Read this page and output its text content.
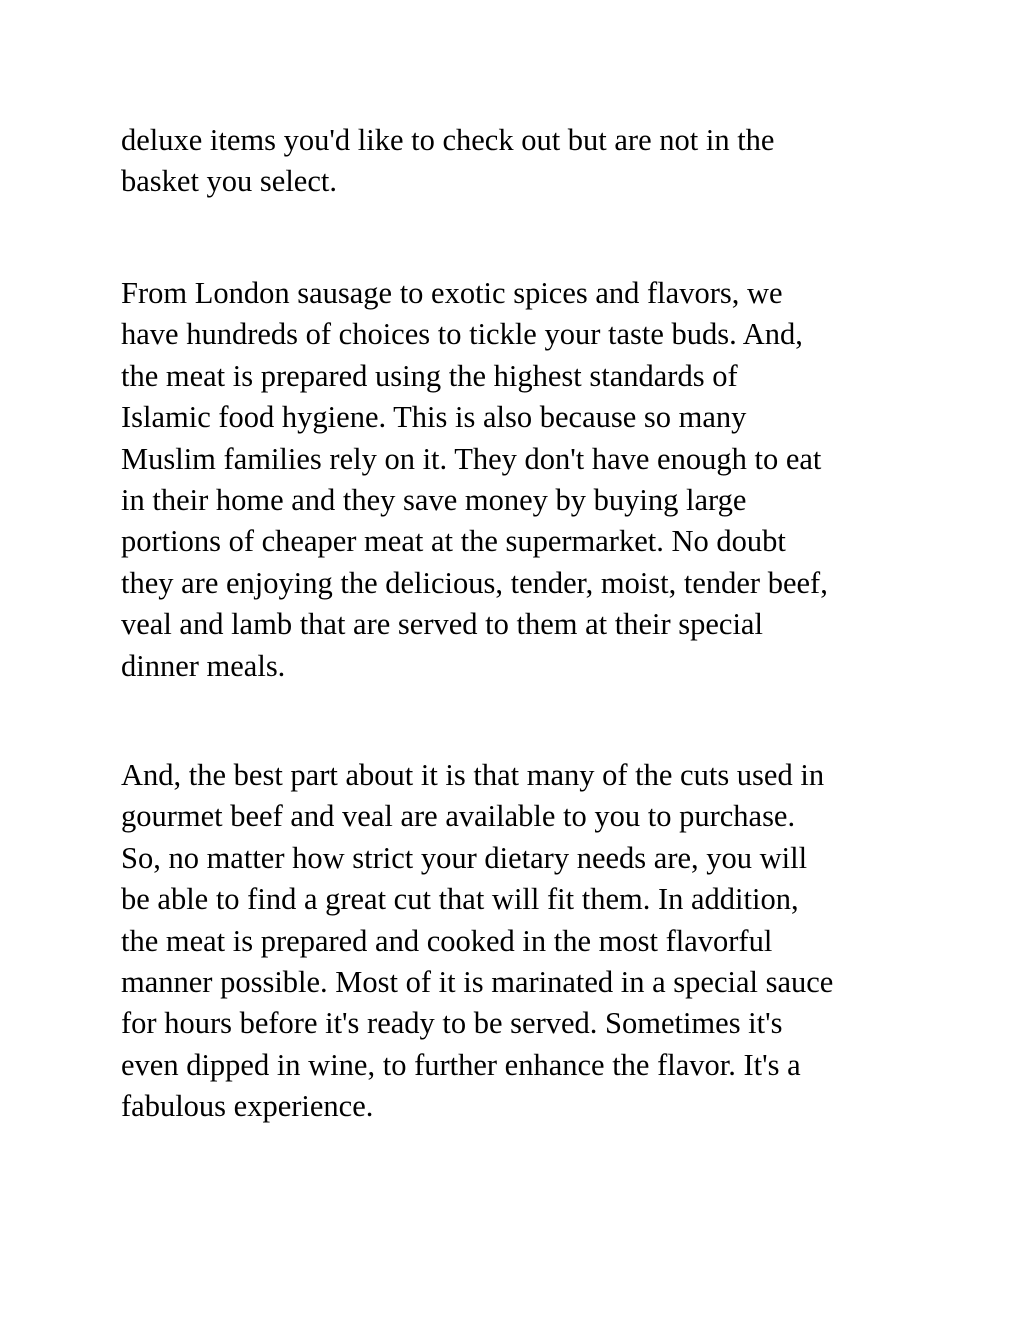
deluxe items you'd like to check out but are not in the
basket you select.

From London sausage to exotic spices and flavors, we
have hundreds of choices to tickle your taste buds. And,
the meat is prepared using the highest standards of
Islamic food hygiene. This is also because so many
Muslim families rely on it. They don't have enough to eat
in their home and they save money by buying large
portions of cheaper meat at the supermarket. No doubt
they are enjoying the delicious, tender, moist, tender beef,
veal and lamb that are served to them at their special
dinner meals.

And, the best part about it is that many of the cuts used in
gourmet beef and veal are available to you to purchase.
So, no matter how strict your dietary needs are, you will
be able to find a great cut that will fit them. In addition,
the meat is prepared and cooked in the most flavorful
manner possible. Most of it is marinated in a special sauce
for hours before it's ready to be served. Sometimes it's
even dipped in wine, to further enhance the flavor. It's a
fabulous experience.
